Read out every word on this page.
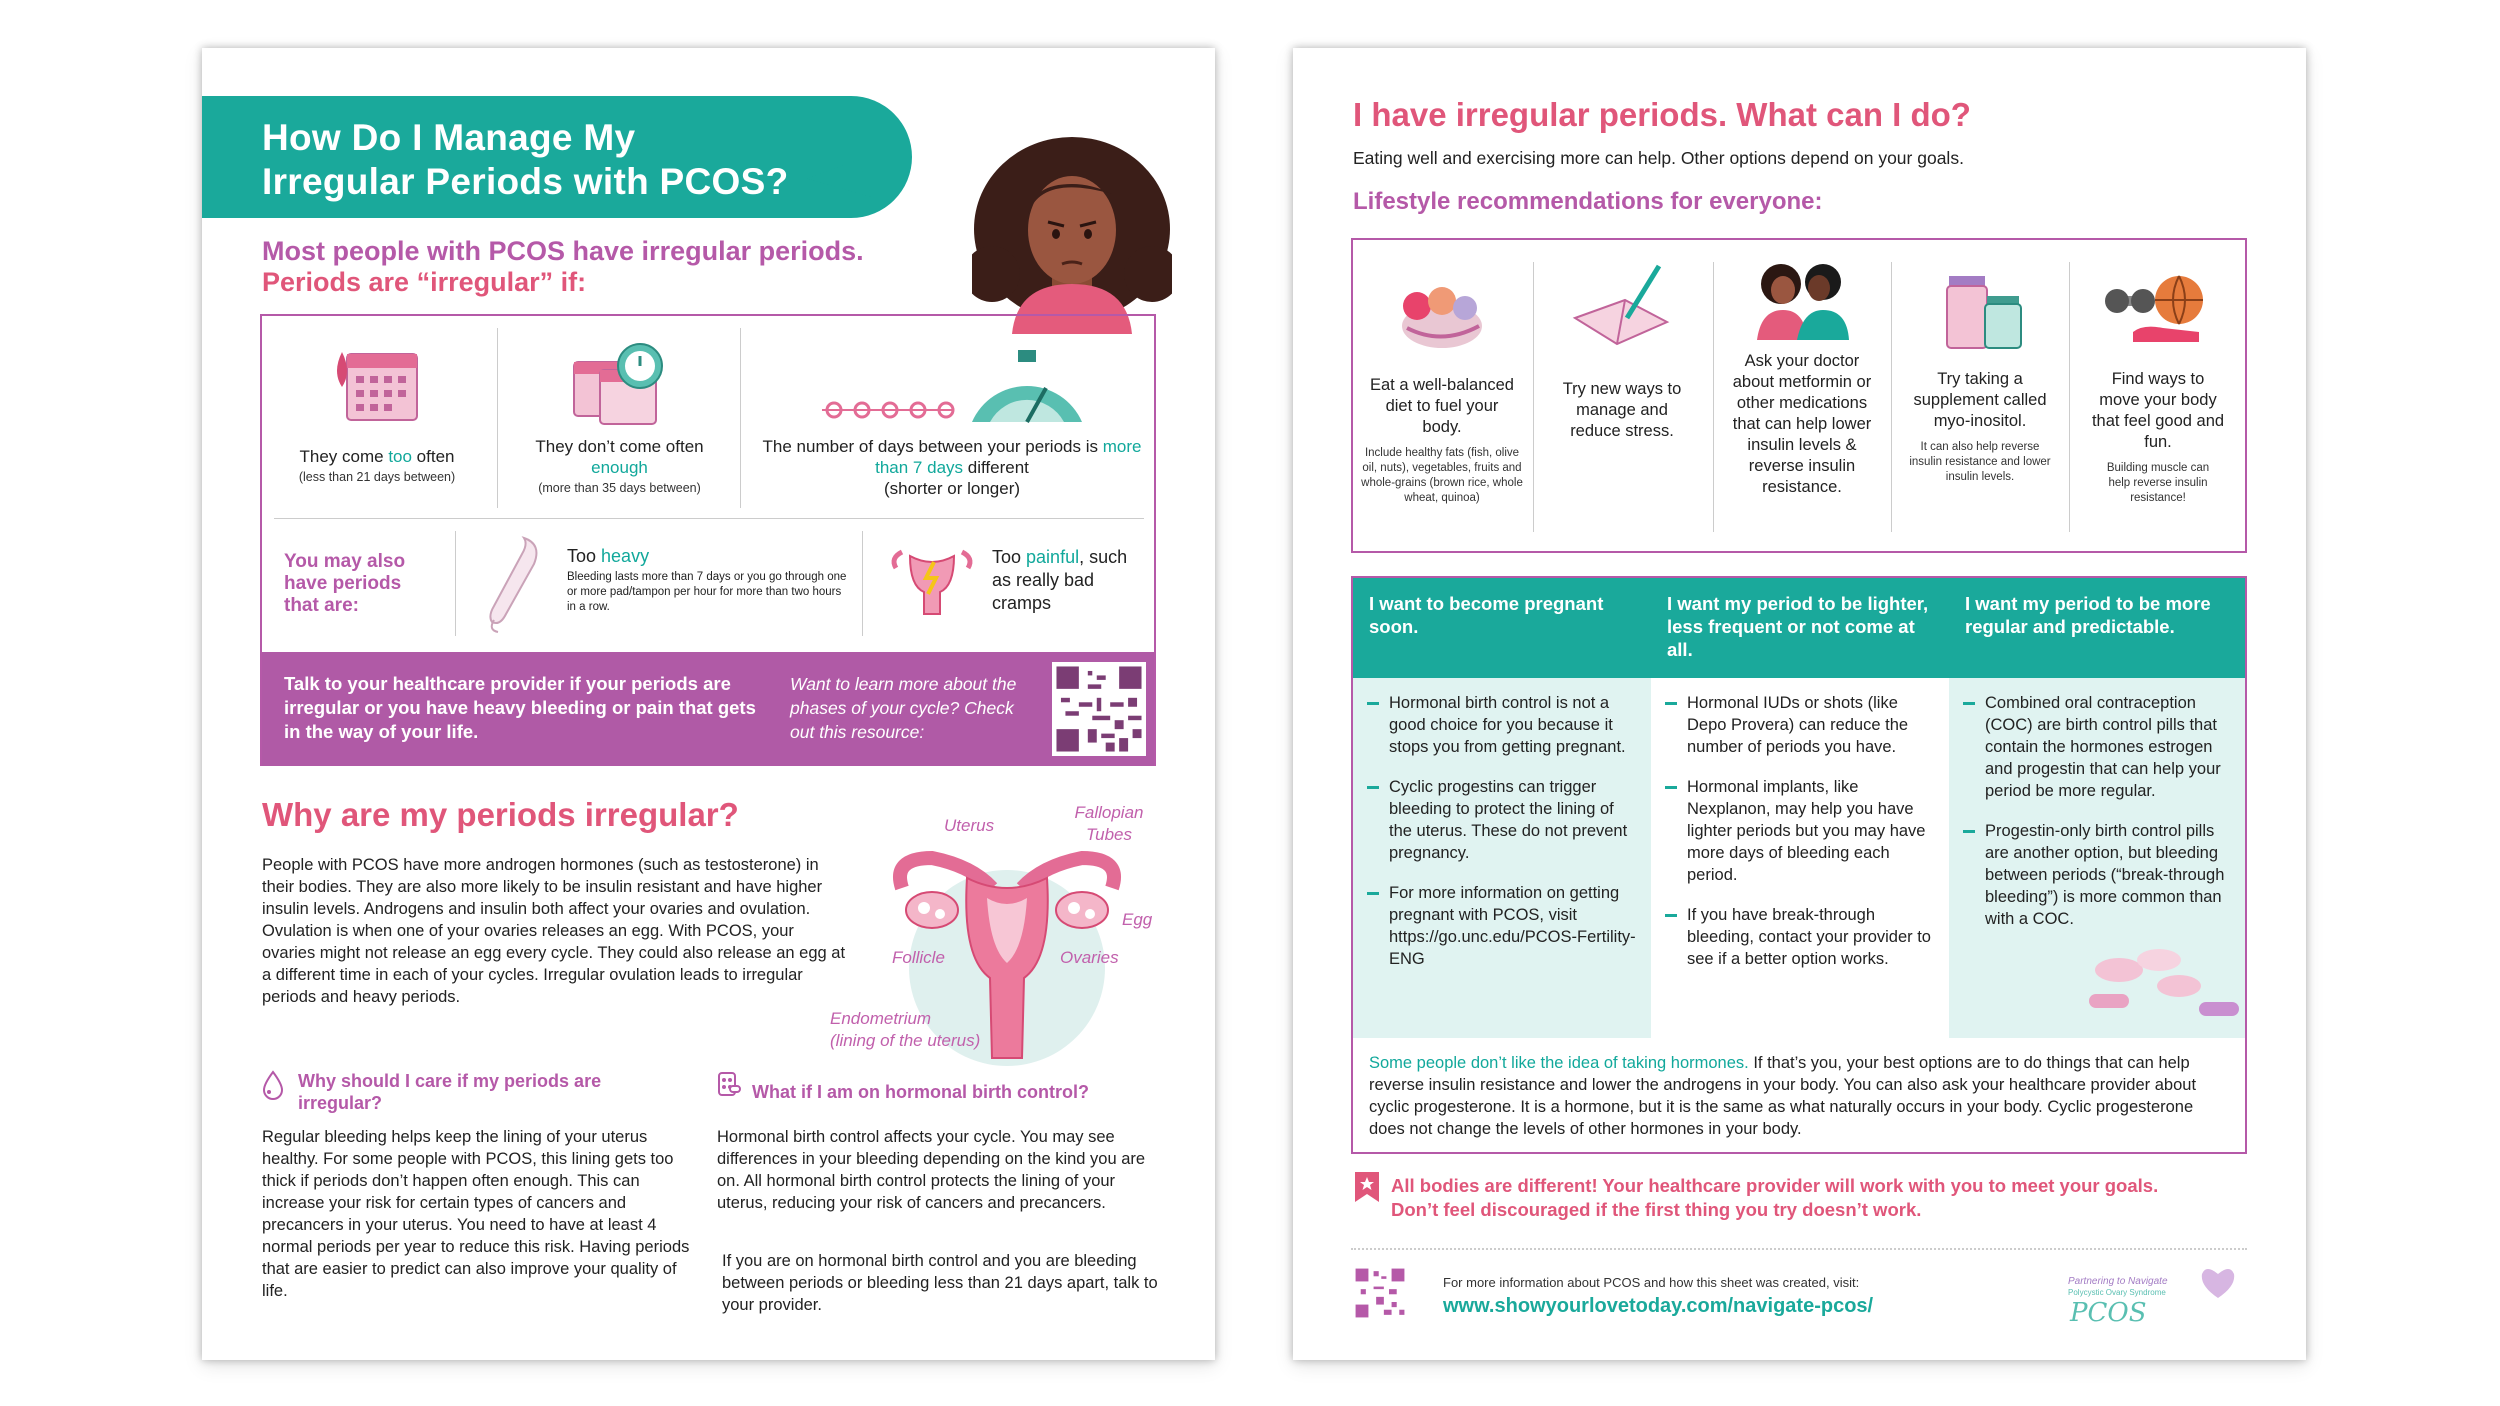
How Do I Manage My
Irregular Periods with PCOS?
Most people with PCOS have irregular periods.
Periods are “irregular” if:
They come too often
(less than 21 days between)
They don’t come often enough
(more than 35 days between)
The number of days between your periods is more than 7 days different
(shorter or longer)
You may also have periods that are:
Too heavy
Bleeding lasts more than 7 days or you go through one or more pad/tampon per hour for more than two hours in a row.
Too painful, such as really bad cramps
Talk to your healthcare provider if your periods are irregular or you have heavy bleeding or pain that gets in the way of your life.
Want to learn more about the phases of your cycle? Check out this resource:
Why are my periods irregular?
People with PCOS have more androgen hormones (such as testosterone) in their bodies. They are also more likely to be insulin resistant and have higher insulin levels. Androgens and insulin both affect your ovaries and ovulation. Ovulation is when one of your ovaries releases an egg. With PCOS, your ovaries might not release an egg every cycle. They could also release an egg at a different time in each of your cycles. Irregular ovulation leads to irregular periods and heavy periods.
Fallopian Tubes
Uterus
Egg
Follicle	Ovaries
Endometrium
(lining of the uterus)
Why should I care if my periods are irregular?
Regular bleeding helps keep the lining of your uterus healthy. For some people with PCOS, this lining gets too thick if periods don’t happen often enough. This can increase your risk for certain types of cancers and precancers in your uterus. You need to have at least 4 normal periods per year to reduce this risk. Having periods that are easier to predict can also improve your quality of life.
What if I am on hormonal birth control?
Hormonal birth control affects your cycle. You may see differences in your bleeding depending on the kind you are on. All hormonal birth control protects the lining of your uterus, reducing your risk of cancers and precancers.
If you are on hormonal birth control and you are bleeding between periods or bleeding less than 21 days apart, talk to your provider.
I have irregular periods. What can I do?
Eating well and exercising more can help. Other options depend on your goals.
Lifestyle recommendations for everyone:
Eat a well-balanced diet to fuel your body.
Include healthy fats (fish, olive oil, nuts), vegetables, fruits and whole-grains (brown rice, whole wheat, quinoa)
Try new ways to manage and reduce stress.
Ask your doctor about metformin or other medications that can help lower insulin levels & reverse insulin resistance.
Try taking a supplement called myo-inositol.
It can also help reverse insulin resistance and lower insulin levels.
Find ways to move your body that feel good and fun.
Building muscle can help reverse insulin resistance!
I want to become pregnant soon.
I want my period to be lighter, less frequent or not come at all.
I want my period to be more regular and predictable.
Hormonal birth control is not a good choice for you because it stops you from getting pregnant.
Cyclic progestins can trigger bleeding to protect the lining of the uterus. These do not prevent pregnancy.
For more information on getting pregnant with PCOS, visit https://go.unc.edu/PCOS-Fertility-ENG
Hormonal IUDs or shots (like Depo Provera) can reduce the number of periods you have.
Hormonal implants, like Nexplanon, may help you have lighter periods but you may have more days of bleeding each period.
If you have break-through bleeding, contact your provider to see if a better option works.
Combined oral contraception (COC) are birth control pills that contain the hormones estrogen and progestin that can help your period be more regular.
Progestin-only birth control pills are another option, but bleeding between periods (“break-through bleeding”) is more common than with a COC.
Some people don’t like the idea of taking hormones. If that’s you, your best options are to do things that can help reverse insulin resistance and lower the androgens in your body. You can also ask your healthcare provider about cyclic progesterone. It is a hormone, but it is the same as what naturally occurs in your body. Cyclic progesterone does not change the levels of other hormones in your body.
All bodies are different! Your healthcare provider will work with you to meet your goals. Don’t feel discouraged if the first thing you try doesn’t work.
For more information about PCOS and how this sheet was created, visit:
www.showyourlovetoday.com/navigate-pcos/
Partnering to Navigate
Polycystic Ovary Syndrome
PCOS
